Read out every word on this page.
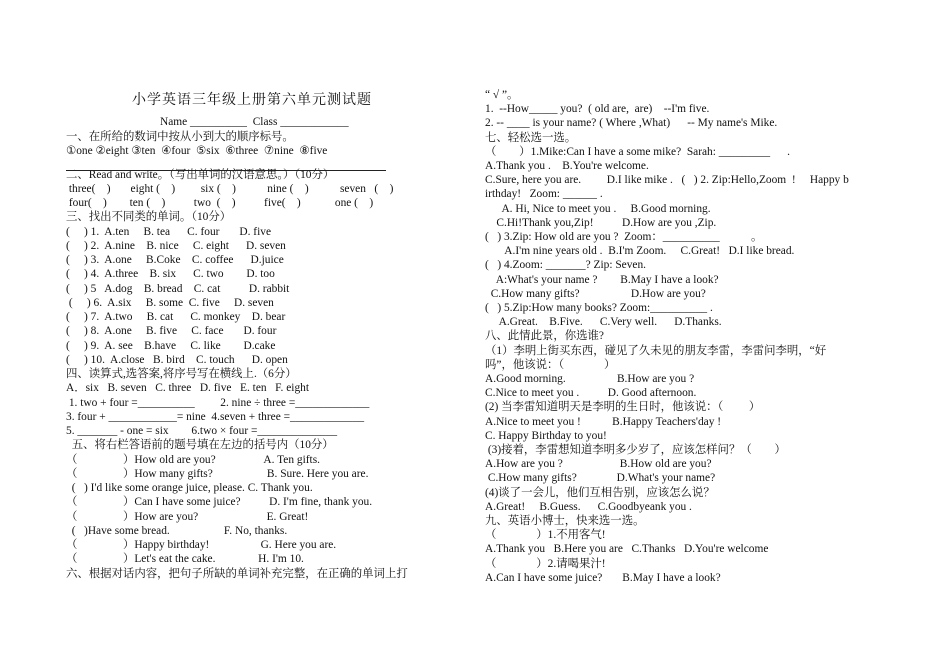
小学英语三年级上册第六单元测试题
Name __________  Class ____________
一、在所给的数词中按从小到大的顺序标号。
①one ②eight ③ten  ④four  ⑤six  ⑥three  ⑦nine  ⑧five
二、Read and write。（写出单词的汉语意思。）（10分）
three(    )       eight (    )         six (    )           nine (    )           seven   (    )
four(    )        ten (    )          two  (    )          five(    )            one (    )
三、找出不同类的单词。（10分）
(     ) 1.  A.ten     B. tea      C. four       D. five
(     ) 2.  A.nine    B. nice     C. eight      D. seven
(     ) 3.  A.one     B.Coke    C. coffee      D.juice
(     ) 4.  A.three    B. six      C. two        D. too
(     ) 5   A.dog    B. bread    C. cat          D. rabbit
(     ) 6.  A.six     B. some  C. five     D. seven
(     ) 7.  A.two     B. cat      C. monkey    D. bear
(     ) 8.  A.one     B. five     C. face       D. four
(     ) 9.  A. see    B.have     C. like        D.cake
(     ) 10.  A.close   B. bird    C. touch      D. open
四、读算式,选答案,将序号写在横线上.（6分）
A．six   B. seven   C. three   D. five   E. ten   F. eight
1. two + four =__________         2. nine ÷ three =_____________
3. four + ____________= nine  4.seven + three =_____________
5. _______ - one = six        6.two × four =______________
五、将右栏答语前的题号填在左边的括号内（10分）
（                ）How old are you?                 A. Ten gifts.
（                ）How many gifts?                   B. Sure. Here you are.
(   ) I'd like some orange juice, please. C. Thank you.
（                ）Can I have some juice?          D. I'm fine, thank you.
（                ）How are you?                        E. Great!
(   )Have some bread.                   F. No, thanks.
（                ）Happy birthday!                  G. Here you are.
（                ）Let's eat the cake.               H. I'm 10.
六、根据对话内容，把句子所缺的单词补充完整，在正确的单词上打
“ √ ”。
1.  --How_____ you?  ( old are,  are)    --I'm five.
2. -- ____ is your name? ( Where ,What)      -- My name's Mike.
七、轻松选一选。
（        ）1.Mike:Can I have a some mike?  Sarah: _________      .
A.Thank you .    B.You're welcome.
C.Sure, here you are.         D.I like mike .   (   ) 2. Zip:Hello,Zoom  !     Happy b
irthday!   Zoom: ______ .
A. Hi, Nice to meet you .     B.Good morning.
C.Hi!Thank you,Zip!          D.How are you ,Zip.
(   ) 3.Zip: How old are you ?  Zoom：__________           。
A.I'm nine years old .  B.I'm Zoom.     C.Great!   D.I like bread.
(   ) 4.Zoom: _______? Zip: Seven.
A:What's your name ?        B.May I have a look?
C.How many gifts?                  D.How are you?
(   ) 5.Zip:How many books? Zoom:__________ .
A.Great.    B.Five.      C.Very well.      D.Thanks.
八、此情此景，你选谁?
（1）李明上街买东西，碰见了久未见的朋友李雷，李雷问李明，“好
吗”，他该说：（              ）
A.Good morning.                  B.How are you ?
C.Nice to meet you .          D. Good afternoon.
(2) 当李雷知道明天是李明的生日时，他该说：（         ）
A.Nice to meet you !           B.Happy Teachers'day !
C. Happy Birthday to you!
(3)接着，李雷想知道李明多少岁了，应该怎样问？（        ）
A.How are you ?                    B.How old are you?
C.How many gifts?              D.What's your name?
(4)谈了一会儿，他们互相告别，应该怎么说？
A.Great!     B.Guess.      C.Goodbyeank you .
九、英语小博士，快来选一选。
（              ）1.不用客气!
A.Thank you   B.Here you are   C.Thanks   D.You're welcome
（              ）2.请喝果汁!
A.Can I have some juice?       B.May I have a look?
